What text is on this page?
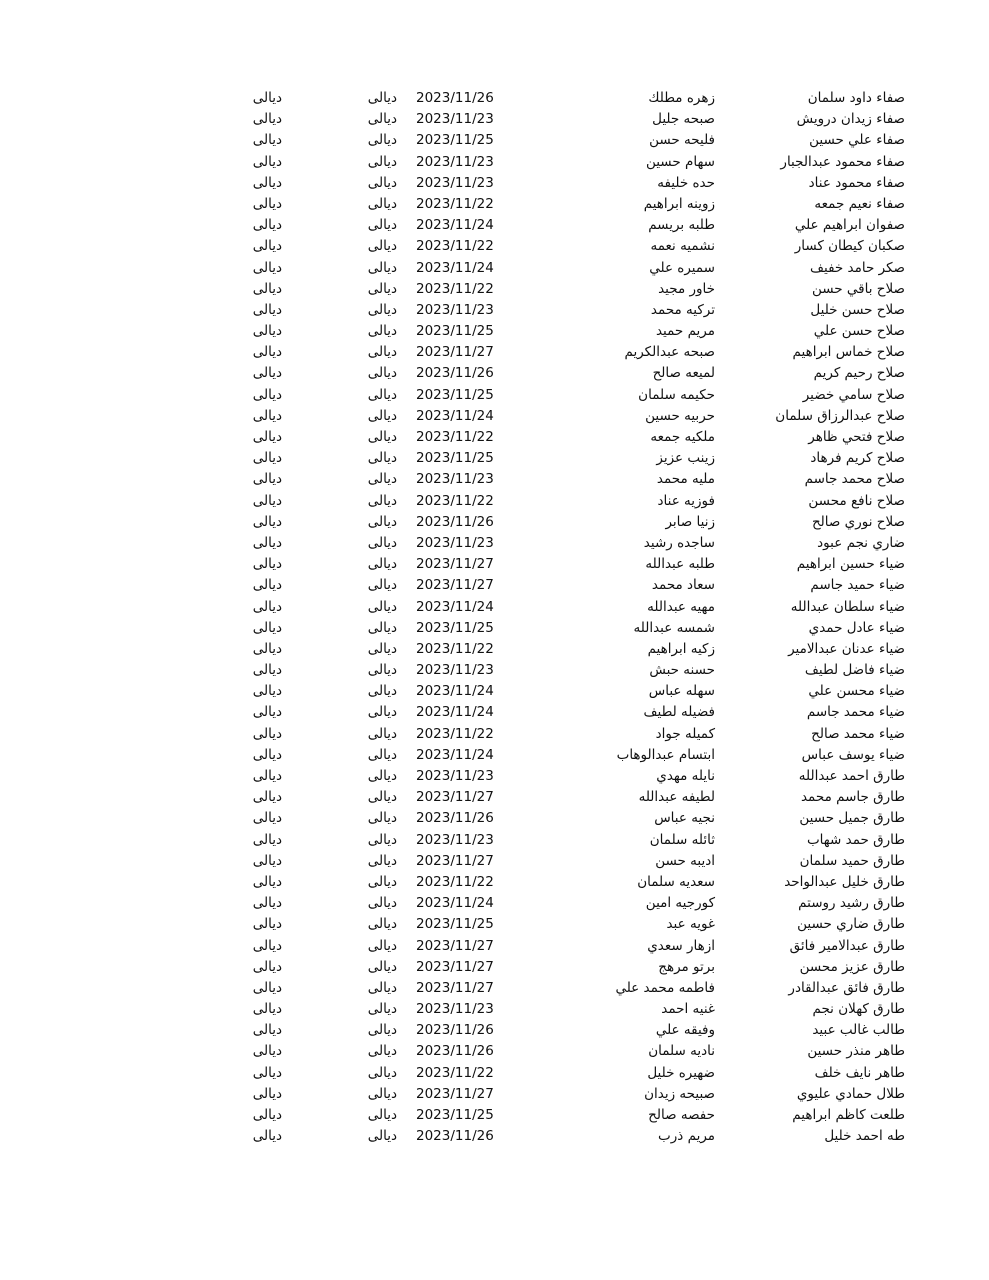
صفاء داود سلمان
زهره مطلك
2023/11/26
ديالى
ديالى
صفاء زيدان درويش
صبحه جليل
2023/11/23
ديالى
ديالى
صفاء علي حسين
فليحه حسن
2023/11/25
ديالى
ديالى
صفاء محمود عبدالجبار
سهام حسين
2023/11/23
ديالى
ديالى
صفاء محمود عناد
حده خليفه
2023/11/23
ديالى
ديالى
صفاء نعيم جمعه
زوينه ابراهيم
2023/11/22
ديالى
ديالى
صفوان ابراهيم علي
طلبه بريسم
2023/11/24
ديالى
ديالى
صكبان كيطان كسار
نشميه نعمه
2023/11/22
ديالى
ديالى
صكر حامد خفيف
سميره علي
2023/11/24
ديالى
ديالى
صلاح باقي حسن
خاور مجيد
2023/11/22
ديالى
ديالى
صلاح حسن خليل
تركيه محمد
2023/11/23
ديالى
ديالى
صلاح حسن علي
مريم حميد
2023/11/25
ديالى
ديالى
صلاح خماس ابراهيم
صبحه عبدالكريم
2023/11/27
ديالى
ديالى
صلاح رحيم كريم
لميعه صالح
2023/11/26
ديالى
ديالى
صلاح سامي خضير
حكيمه سلمان
2023/11/25
ديالى
ديالى
صلاح عبدالرزاق سلمان
حربيه حسين
2023/11/24
ديالى
ديالى
صلاح فتحي ظاهر
ملكيه جمعه
2023/11/22
ديالى
ديالى
صلاح كريم فرهاد
زينب عزيز
2023/11/25
ديالى
ديالى
صلاح محمد جاسم
مليه محمد
2023/11/23
ديالى
ديالى
صلاح نافع محسن
فوزيه عناد
2023/11/22
ديالى
ديالى
صلاح نوري صالح
زنيا صابر
2023/11/26
ديالى
ديالى
ضاري نجم عبود
ساجده رشيد
2023/11/23
ديالى
ديالى
ضياء حسين ابراهيم
طلبه عبدالله
2023/11/27
ديالى
ديالى
ضياء حميد جاسم
سعاد محمد
2023/11/27
ديالى
ديالى
ضياء سلطان عبدالله
مهيه عبدالله
2023/11/24
ديالى
ديالى
ضياء عادل حمدي
شمسه عبدالله
2023/11/25
ديالى
ديالى
ضياء عدنان عبدالامير
زكيه ابراهيم
2023/11/22
ديالى
ديالى
ضياء فاضل لطيف
حسنه حبش
2023/11/23
ديالى
ديالى
ضياء محسن علي
سهله عباس
2023/11/24
ديالى
ديالى
ضياء محمد جاسم
فضيله لطيف
2023/11/24
ديالى
ديالى
ضياء محمد صالح
كميله جواد
2023/11/22
ديالى
ديالى
ضياء يوسف عباس
ابتسام عبدالوهاب
2023/11/24
ديالى
ديالى
طارق احمد عبدالله
نايله مهدي
2023/11/23
ديالى
ديالى
طارق جاسم محمد
لطيفه عبدالله
2023/11/27
ديالى
ديالى
طارق جميل حسين
نجيه عباس
2023/11/26
ديالى
ديالى
طارق حمد شهاب
ثائله سلمان
2023/11/23
ديالى
ديالى
طارق حميد سلمان
اديبه حسن
2023/11/27
ديالى
ديالى
طارق خليل عبدالواحد
سعديه سلمان
2023/11/22
ديالى
ديالى
طارق رشيد روستم
كورجيه امين
2023/11/24
ديالى
ديالى
طارق ضاري حسين
غويه عبد
2023/11/25
ديالى
ديالى
طارق عبدالامير فائق
ازهار سعدي
2023/11/27
ديالى
ديالى
طارق عزيز محسن
برتو مرهج
2023/11/27
ديالى
ديالى
طارق فائق عبدالقادر
فاطمه محمد علي
2023/11/27
ديالى
ديالى
طارق كهلان نجم
غنيه احمد
2023/11/23
ديالى
ديالى
طالب غالب عبيد
وفيقه علي
2023/11/26
ديالى
ديالى
طاهر منذر حسين
ناديه سلمان
2023/11/26
ديالى
ديالى
طاهر نايف خلف
ضهيره خليل
2023/11/22
ديالى
ديالى
طلال حمادي عليوي
صبيحه زيدان
2023/11/27
ديالى
ديالى
طلعت كاظم ابراهيم
حفصه صالح
2023/11/25
ديالى
ديالى
طه احمد خليل
مريم ذرب
2023/11/26
ديالى
ديالى
